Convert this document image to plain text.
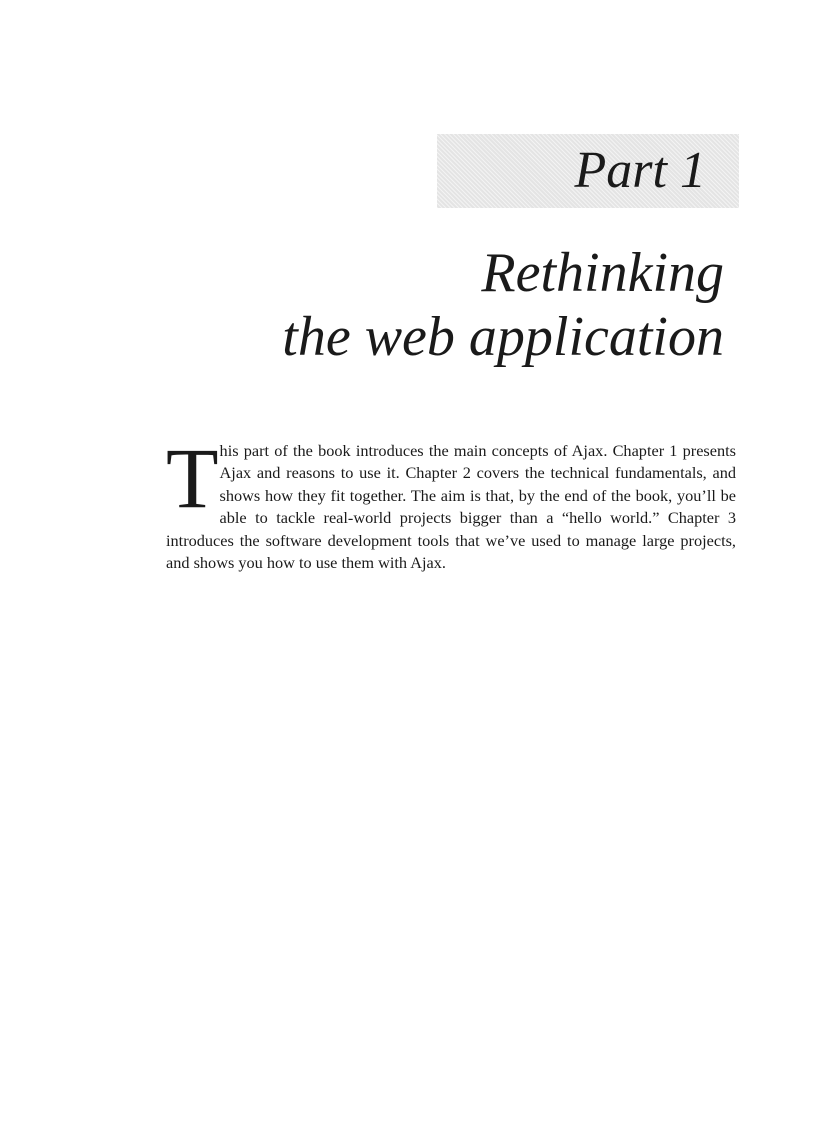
Part 1
Rethinking
the web application

This part of the book introduces the main concepts of Ajax. Chapter 1 presents Ajax and reasons to use it. Chapter 2 covers the technical fundamentals, and shows how they fit together. The aim is that, by the end of the book, you’ll be able to tackle real-world projects bigger than a “hello world.” Chapter 3 introduces the software development tools that we’ve used to manage large projects, and shows you how to use them with Ajax.
